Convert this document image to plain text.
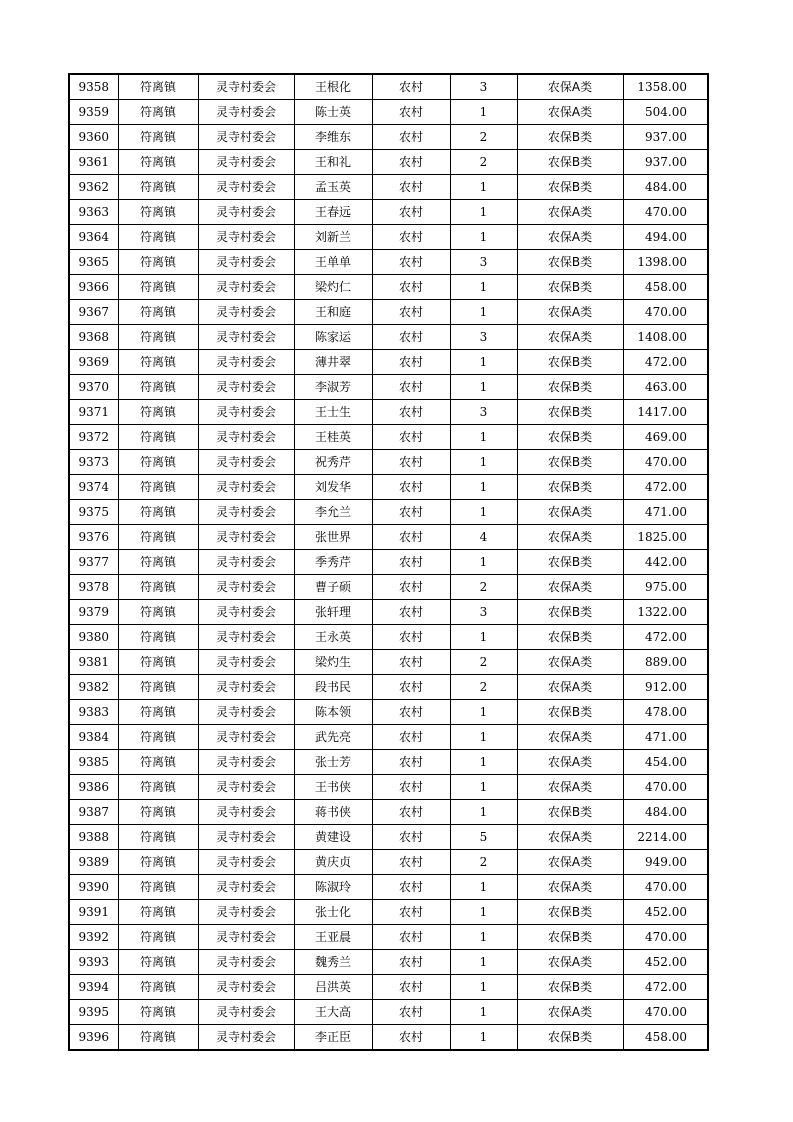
9358	符离镇	灵寺村委会	王根化	农村	3	农保A类	1358.00
9359	符离镇	灵寺村委会	陈士英	农村	1	农保A类	504.00
9360	符离镇	灵寺村委会	李维东	农村	2	农保B类	937.00
9361	符离镇	灵寺村委会	王和礼	农村	2	农保B类	937.00
9362	符离镇	灵寺村委会	孟玉英	农村	1	农保B类	484.00
9363	符离镇	灵寺村委会	王春远	农村	1	农保A类	470.00
9364	符离镇	灵寺村委会	刘新兰	农村	1	农保A类	494.00
9365	符离镇	灵寺村委会	王单单	农村	3	农保B类	1398.00
9366	符离镇	灵寺村委会	梁灼仁	农村	1	农保B类	458.00
9367	符离镇	灵寺村委会	王和庭	农村	1	农保A类	470.00
9368	符离镇	灵寺村委会	陈家运	农村	3	农保A类	1408.00
9369	符离镇	灵寺村委会	薄井翠	农村	1	农保B类	472.00
9370	符离镇	灵寺村委会	李淑芳	农村	1	农保B类	463.00
9371	符离镇	灵寺村委会	王士生	农村	3	农保B类	1417.00
9372	符离镇	灵寺村委会	王桂英	农村	1	农保B类	469.00
9373	符离镇	灵寺村委会	祝秀芹	农村	1	农保B类	470.00
9374	符离镇	灵寺村委会	刘发华	农村	1	农保B类	472.00
9375	符离镇	灵寺村委会	李允兰	农村	1	农保A类	471.00
9376	符离镇	灵寺村委会	张世界	农村	4	农保A类	1825.00
9377	符离镇	灵寺村委会	季秀芹	农村	1	农保B类	442.00
9378	符离镇	灵寺村委会	曹子硕	农村	2	农保A类	975.00
9379	符离镇	灵寺村委会	张轩理	农村	3	农保B类	1322.00
9380	符离镇	灵寺村委会	王永英	农村	1	农保B类	472.00
9381	符离镇	灵寺村委会	梁灼生	农村	2	农保A类	889.00
9382	符离镇	灵寺村委会	段书民	农村	2	农保A类	912.00
9383	符离镇	灵寺村委会	陈本领	农村	1	农保B类	478.00
9384	符离镇	灵寺村委会	武先亮	农村	1	农保A类	471.00
9385	符离镇	灵寺村委会	张士芳	农村	1	农保A类	454.00
9386	符离镇	灵寺村委会	王书侠	农村	1	农保A类	470.00
9387	符离镇	灵寺村委会	蒋书侠	农村	1	农保B类	484.00
9388	符离镇	灵寺村委会	黄建设	农村	5	农保A类	2214.00
9389	符离镇	灵寺村委会	黄庆贞	农村	2	农保A类	949.00
9390	符离镇	灵寺村委会	陈淑玲	农村	1	农保A类	470.00
9391	符离镇	灵寺村委会	张士化	农村	1	农保B类	452.00
9392	符离镇	灵寺村委会	王亚晨	农村	1	农保B类	470.00
9393	符离镇	灵寺村委会	魏秀兰	农村	1	农保A类	452.00
9394	符离镇	灵寺村委会	吕洪英	农村	1	农保B类	472.00
9395	符离镇	灵寺村委会	王大高	农村	1	农保A类	470.00
9396	符离镇	灵寺村委会	李正臣	农村	1	农保B类	458.00
